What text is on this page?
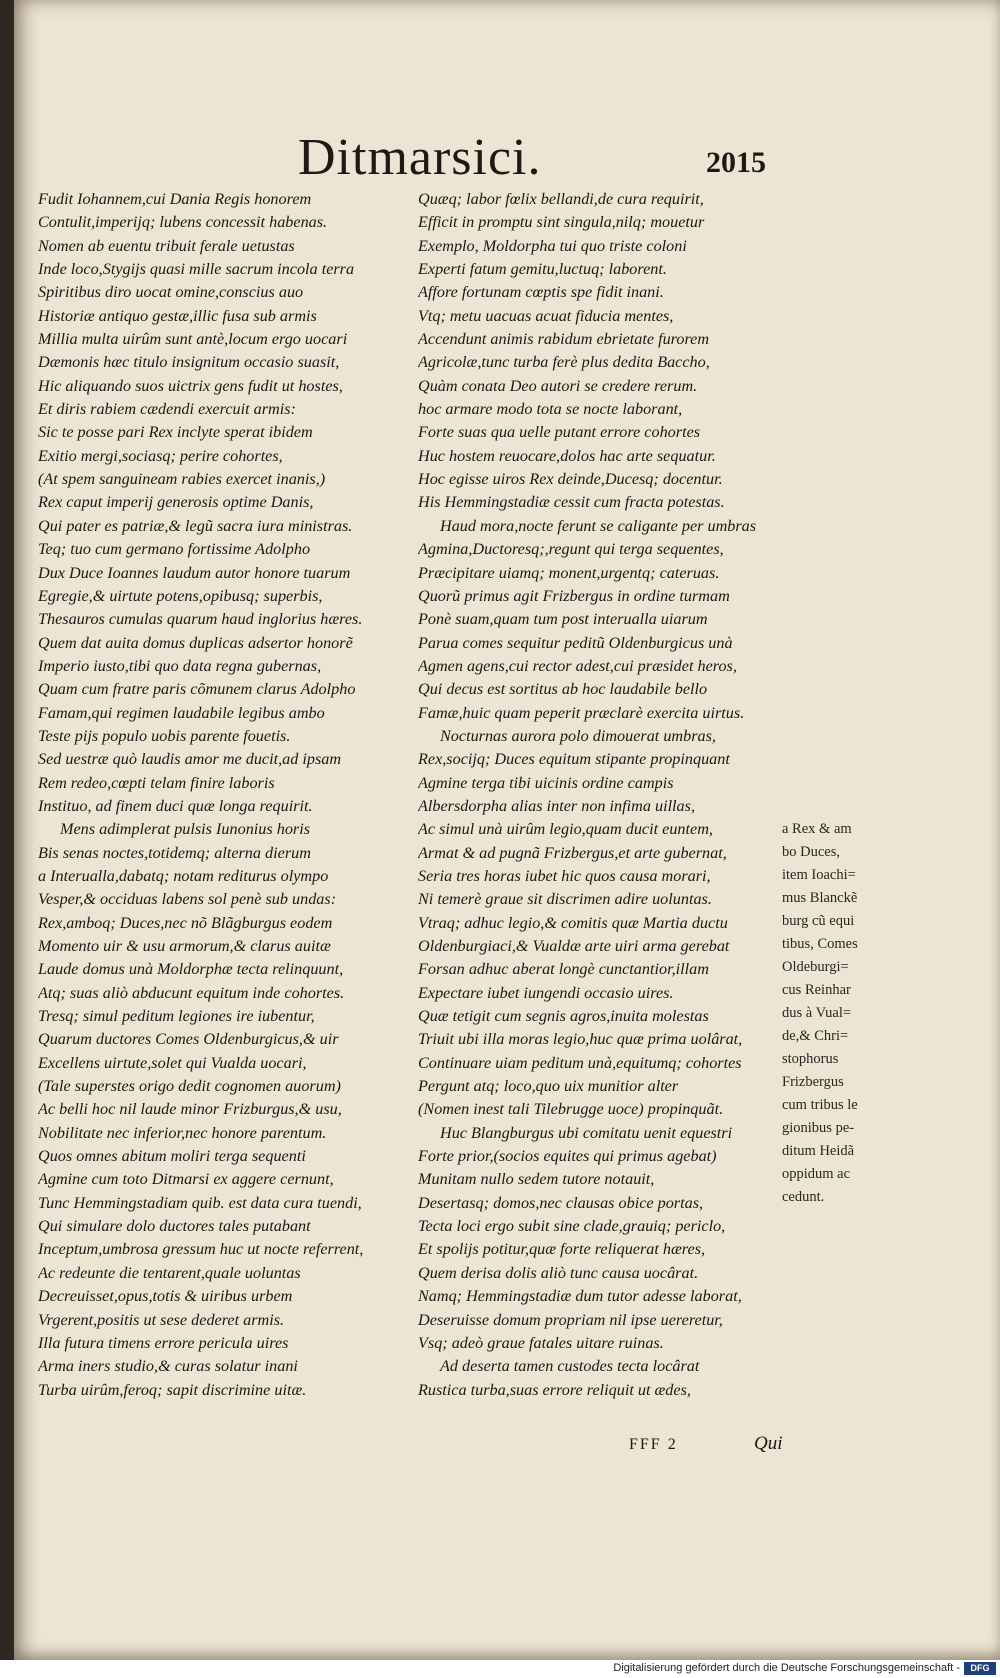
Ditmarsici.	2015
Fudit Iohannem,cui Dania Regis honorem
Contulit,imperijq; lubens concessit habenas.
Nomen ab euentu tribuit ferale uetustas
Inde loco,Stygijs quasi mille sacrum incola terra
Spiritibus diro uocat omine,conscius auo
Historiæ antiquo gestæ,illic fusa sub armis
Millia multa uirûm sunt antè,locum ergo uocari
Dæmonis hæc titulo insignitum occasio suasit,
Hic aliquando suos uictrix gens fudit ut hostes,
Et diris rabiem cædendi exercuit armis:
Sic te posse pari Rex inclyte sperat ibidem
Exitio mergi,sociasq; perire cohortes,
(At spem sanguineam rabies exercet inanis,)
Rex caput imperij generosis optime Danis,
Qui pater es patriæ,& legũ sacra iura ministras.
Teq; tuo cum germano fortissime Adolpho
Dux Duce Ioannes laudum autor honore tuarum
Egregie,& uirtute potens,opibusq; superbis,
Thesauros cumulas quarum haud inglorius hæres.
Quem dat auita domus duplicas adsertor honorẽ
Imperio iusto,tibi quo data regna gubernas,
Quam cum fratre paris cõmunem clarus Adolpho
Famam,qui regimen laudabile legibus ambo
Teste pijs populo uobis parente fouetis.
Sed uestræ quò laudis amor me ducit,ad ipsam
Rem redeo,cœpti telam finire laboris
Instituo, ad finem duci quæ longa requirit.
Mens adimplerat pulsis Iunonius horis
Bis senas noctes,totidemq; alterna dierum
a Interualla,dabatq; notam rediturus olympo
Vesper,& occiduas labens sol penè sub undas:
Rex,amboq; Duces,nec nõ Blãgburgus eodem
Momento uir & usu armorum,& clarus auitæ
Laude domus unà Moldorphæ tecta relinquunt,
Atq; suas aliò abducunt equitum inde cohortes.
Tresq; simul peditum legiones ire iubentur,
Quarum ductores Comes Oldenburgicus,& uir
Excellens uirtute,solet qui Vualda uocari,
(Tale superstes origo dedit cognomen auorum)
Ac belli hoc nil laude minor Frizburgus,& usu,
Nobilitate nec inferior,nec honore parentum.
Quos omnes abitum moliri terga sequenti
Agmine cum toto Ditmarsi ex aggere cernunt,
Tunc Hemmingstadiam quib. est data cura tuendi,
Qui simulare dolo ductores tales putabant
Inceptum,umbrosa gressum huc ut nocte referrent,
Ac redeunte die tentarent,quale uoluntas
Decreuisset,opus,totis & uiribus urbem
Vrgerent,positis ut sese dederet armis.
Illa futura timens errore pericula uires
Arma iners studio,& curas solatur inani
Turba uirûm,feroq; sapit discrimine uitæ.
Quæq; labor fœlix bellandi,de cura requirit,
Efficit in promptu sint singula,nilq; mouetur
Exemplo, Moldorpha tui quo triste coloni
Experti fatum gemitu,luctuq; laborent.
Affore fortunam cœptis spe fidit inani.
Vtq; metu uacuas acuat fiducia mentes,
Accendunt animis rabidum ebrietate furorem
Agricolæ,tunc turba ferè plus dedita Baccho,
Quàm conata Deo autori se credere rerum.
hoc armare modo tota se nocte laborant,
Forte suas qua uelle putant errore cohortes
Huc hostem reuocare,dolos hac arte sequatur.
Hoc egisse uiros Rex deinde,Ducesq; docentur.
His Hemmingstadiæ cessit cum fracta potestas.
Haud mora,nocte ferunt se caligante per umbras
Agmina,Ductoresq;,regunt qui terga sequentes,
Præcipitare uiamq; monent,urgentq; cateruas.
Quorũ primus agit Frizbergus in ordine turmam
Ponè suam,quam tum post interualla uiarum
Parua comes sequitur peditũ Oldenburgicus unà
Agmen agens,cui rector adest,cui præsidet heros,
Qui decus est sortitus ab hoc laudabile bello
Famæ,huic quam peperit præclarè exercita uirtus.
Nocturnas aurora polo dimouerat umbras,
Rex,socijq; Duces equitum stipante propinquant
Agmine terga tibi uicinis ordine campis
Albersdorpha alias inter non infima uillas,
Ac simul unà uirûm legio,quam ducit euntem,
Armat & ad pugnã Frizbergus,et arte gubernat,
Seria tres horas iubet hic quos causa morari,
Ni temerè graue sit discrimen adire uoluntas.
Vtraq; adhuc legio,& comitis quæ Martia ductu
Oldenburgiaci,& Vualdæ arte uiri arma gerebat
Forsan adhuc aberat longè cunctantior,illam
Expectare iubet iungendi occasio uires.
Quæ tetigit cum segnis agros,inuita molestas
Triuit ubi illa moras legio,huc quæ prima uolârat,
Continuare uiam peditum unà,equitumq; cohortes
Pergunt atq; loco,quo uix munitior alter
(Nomen inest tali Tilebrugge uoce) propinquãt.
Huc Blangburgus ubi comitatu uenit equestri
Forte prior,(socios equites qui primus agebat)
Munitam nullo sedem tutore notauit,
Desertasq; domos,nec clausas obice portas,
Tecta loci ergo subit sine clade,grauiq; periclo,
Et spolijs potitur,quæ forte reliquerat hæres,
Quem derisa dolis aliò tunc causa uocârat.
Namq; Hemmingstadiæ dum tutor adesse laborat,
Deseruisse domum propriam nil ipse uereretur,
Vsq; adeò graue fatales uitare ruinas.
Ad deserta tamen custodes tecta locârat
Rustica turba,suas errore reliquit ut ædes,
a Rex & am
bo Duces,
item Ioachi=
mus Blanckẽ
burg cũ equi
tibus, Comes
Oldeburgi=
cus Reinhar
dus à Vual=
de,& Chri=
stophorus
Frizbergus
cum tribus le
gionibus pe-
ditum Heidã
oppidum ac
cedunt.
FFF 2	Qui
Digitalisierung gefördert durch die Deutsche Forschungsgemeinschaft -	DFG
